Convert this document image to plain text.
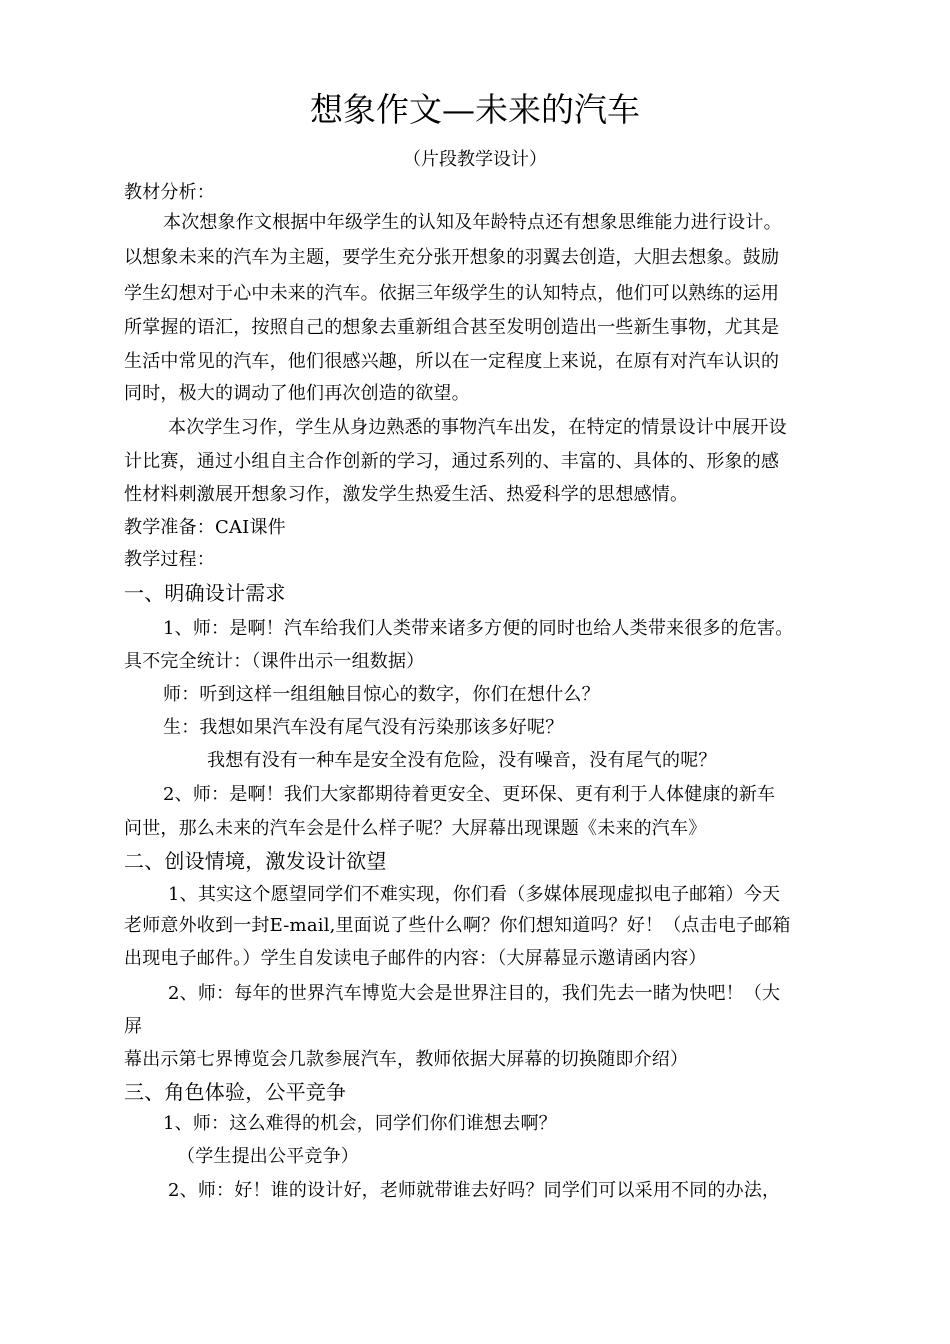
想象作文—未来的汽车
（片段教学设计）
教材分析：
本次想象作文根据中年级学生的认知及年龄特点还有想象思维能力进行设计。
以想象未来的汽车为主题，要学生充分张开想象的羽翼去创造，大胆去想象。鼓励
学生幻想对于心中未来的汽车。依据三年级学生的认知特点，他们可以熟练的运用
所掌握的语汇，按照自己的想象去重新组合甚至发明创造出一些新生事物，尤其是
生活中常见的汽车，他们很感兴趣，所以在一定程度上来说，在原有对汽车认识的
同时，极大的调动了他们再次创造的欲望。
本次学生习作，学生从身边熟悉的事物汽车出发，在特定的情景设计中展开设
计比赛，通过小组自主合作创新的学习，通过系列的、丰富的、具体的、形象的感
性材料刺激展开想象习作，激发学生热爱生活、热爱科学的思想感情。
教学准备：CAI课件
教学过程：
一、明确设计需求
1、师：是啊！汽车给我们人类带来诸多方便的同时也给人类带来很多的危害。
具不完全统计：（课件出示一组数据）
师：听到这样一组组触目惊心的数字，你们在想什么？
生：我想如果汽车没有尾气没有污染那该多好呢？
我想有没有一种车是安全没有危险，没有噪音，没有尾气的呢？
2、师：是啊！我们大家都期待着更安全、更环保、更有利于人体健康的新车
问世，那么未来的汽车会是什么样子呢？大屏幕出现课题《未来的汽车》
二、创设情境，激发设计欲望
1、其实这个愿望同学们不难实现，你们看（多媒体展现虚拟电子邮箱）今天
老师意外收到一封E-mail,里面说了些什么啊？你们想知道吗？好！（点击电子邮箱
出现电子邮件。）学生自发读电子邮件的内容：（大屏幕显示邀请函内容）
2、师：每年的世界汽车博览大会是世界注目的，我们先去一睹为快吧！（大
屏
幕出示第七界博览会几款参展汽车，教师依据大屏幕的切换随即介绍）
三、角色体验，公平竞争
1、师：这么难得的机会，同学们你们谁想去啊？
（学生提出公平竞争）
2、师：好！谁的设计好，老师就带谁去好吗？同学们可以采用不同的办法，
